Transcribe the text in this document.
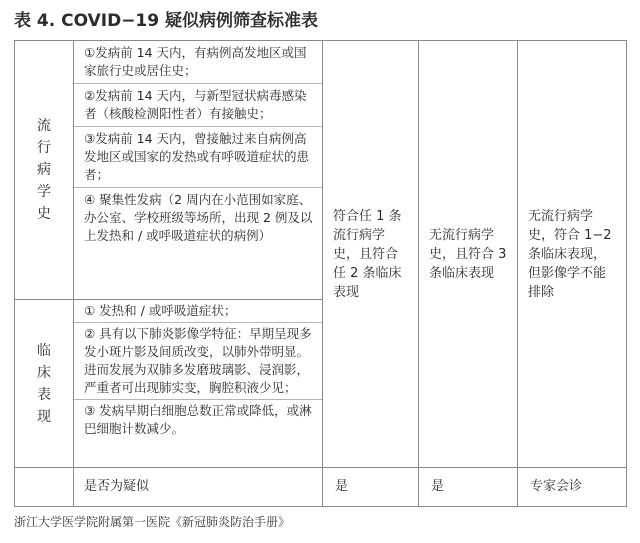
表 4. COVID−19 疑似病例筛查标准表
流行病学史	①发病前 14 天内，有病例高发地区或国家旅行史或居住史；
②发病前 14 天内，与新型冠状病毒感染者（核酸检测阳性者）有接触史；
③发病前 14 天内，曾接触过来自病例高发地区或国家的发热或有呼吸道症状的患者；
④ 聚集性发病（2 周内在小范围如家庭、办公室、学校班级等场所，出现 2 例及以上发热和 / 或呼吸道症状的病例）	符合任 1 条流行病学史，且符合任 2 条临床表现	无流行病学史，且符合 3 条临床表现	无流行病学史，符合 1−2 条临床表现，但影像学不能排除
临床表现	① 发热和 / 或呼吸道症状；
② 具有以下肺炎影像学特征：早期呈现多发小斑片影及间质改变，以肺外带明显。进而发展为双肺多发磨玻璃影、浸润影，严重者可出现肺实变，胸腔积液少见；
③ 发病早期白细胞总数正常或降低，或淋巴细胞计数减少。			

	是否为疑似	是	是	专家会诊
浙江大学医学院附属第一医院《新冠肺炎防治手册》
